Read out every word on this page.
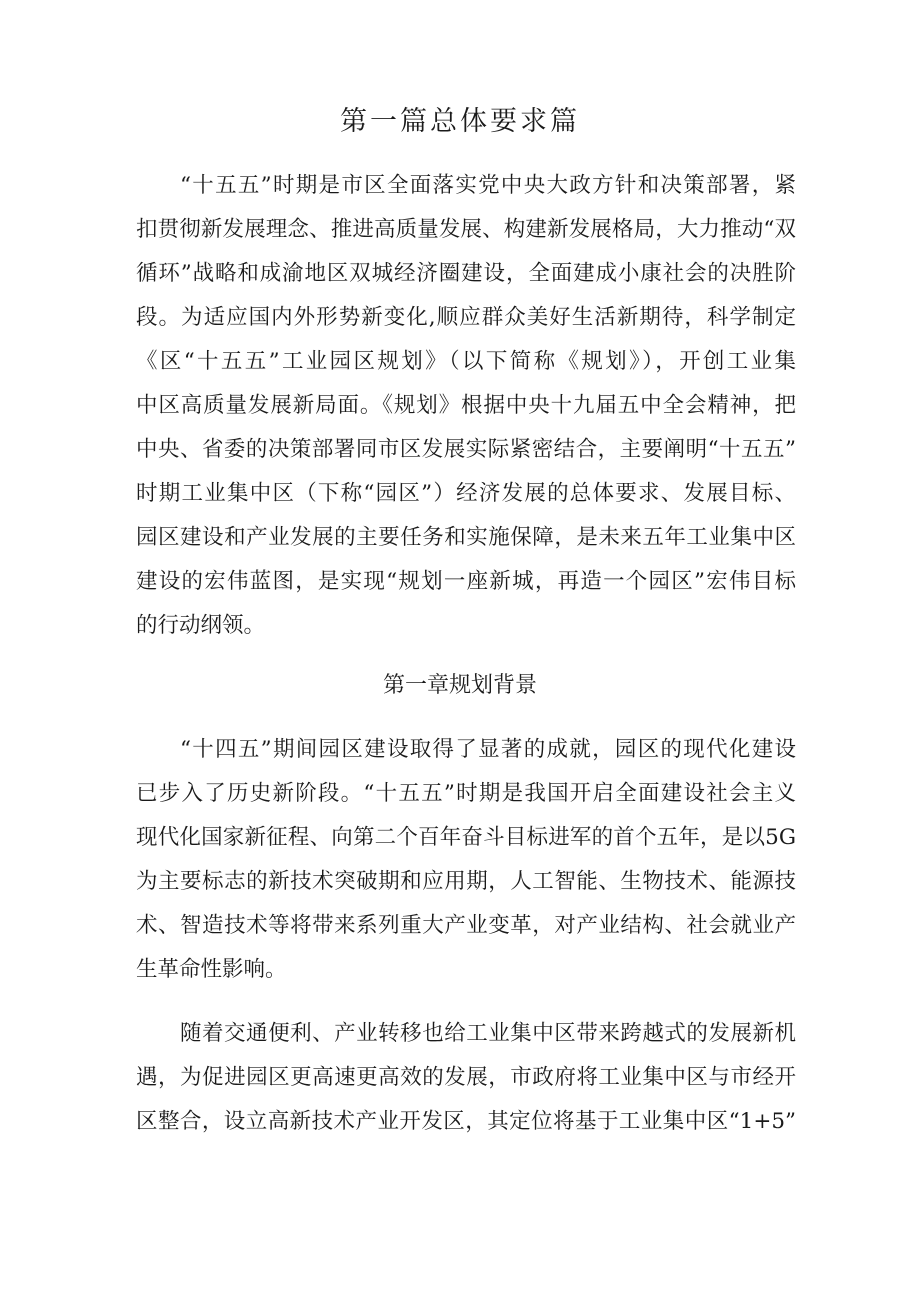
第一篇总体要求篇
“十五五”时期是市区全面落实党中央大政方针和决策部署，紧
扣贯彻新发展理念、推进高质量发展、构建新发展格局，大力推动“双
循环”战略和成渝地区双城经济圈建设，全面建成小康社会的决胜阶
段。为适应国内外形势新变化,顺应群众美好生活新期待，科学制定
《区“十五五”工业园区规划》（以下简称《规划》），开创工业集
中区高质量发展新局面。《规划》根据中央十九届五中全会精神，把
中央、省委的决策部署同市区发展实际紧密结合，主要阐明“十五五”
时期工业集中区（下称“园区”）经济发展的总体要求、发展目标、
园区建设和产业发展的主要任务和实施保障，是未来五年工业集中区
建设的宏伟蓝图，是实现“规划一座新城，再造一个园区”宏伟目标
的行动纲领。
第一章规划背景
“十四五”期间园区建设取得了显著的成就，园区的现代化建设
已步入了历史新阶段。“十五五”时期是我国开启全面建设社会主义
现代化国家新征程、向第二个百年奋斗目标进军的首个五年，是以5G
为主要标志的新技术突破期和应用期，人工智能、生物技术、能源技
术、智造技术等将带来系列重大产业变革，对产业结构、社会就业产
生革命性影响。
随着交通便利、产业转移也给工业集中区带来跨越式的发展新机
遇，为促进园区更高速更高效的发展，市政府将工业集中区与市经开
区整合，设立高新技术产业开发区，其定位将基于工业集中区“1+5”
